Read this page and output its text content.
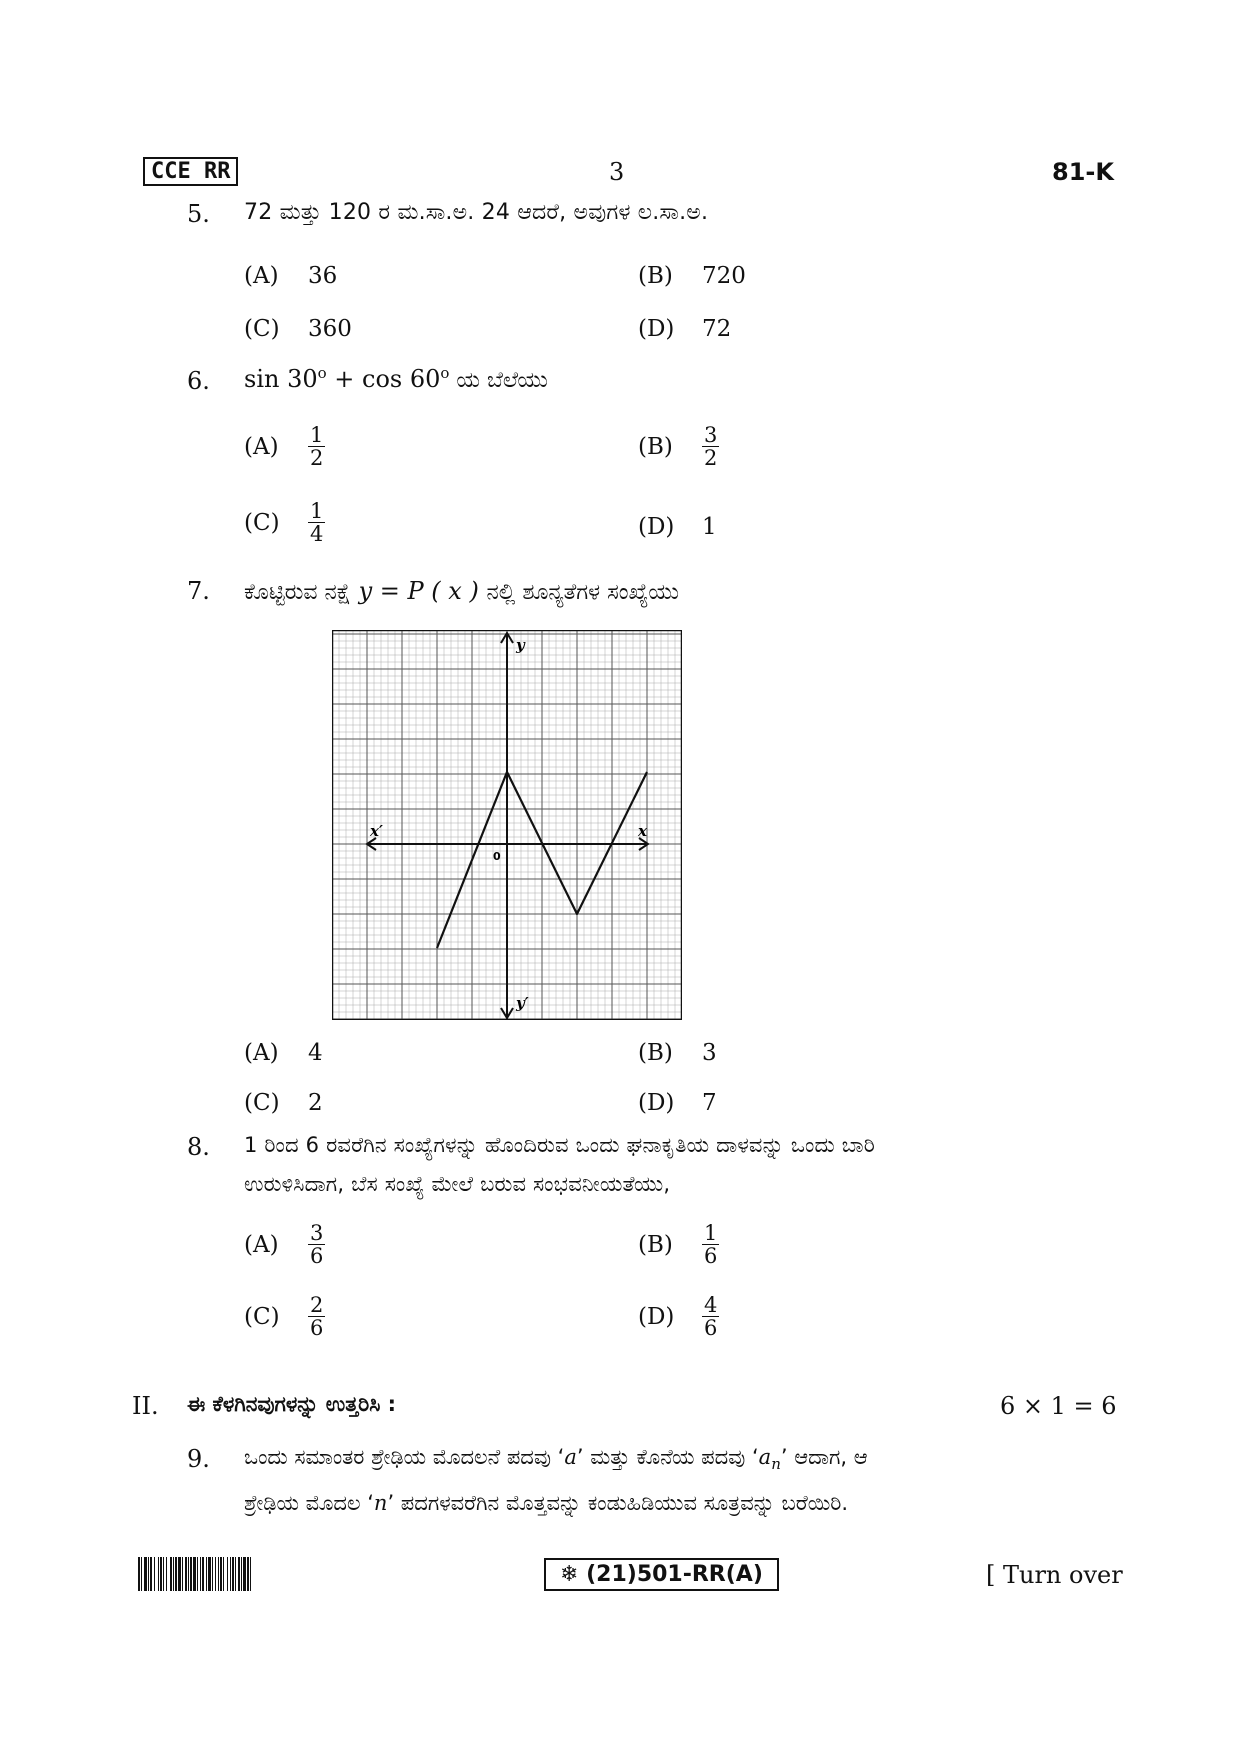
CCE RR	3	81-K
5. 72 ಮತ್ತು 120 ರ ಮ.ಸಾ.ಅ. 24 ಆದರೆ, ಅವುಗಳ ಲ.ಸಾ.ಅ.
(A)	36	(B)	720
(C)	360	(D)	72
6. $\sin 30^o + \cos 60^o$ ಯ ಬೆಲೆಯು
(A)	$\frac{1}{2}$	(B)	$\frac{3}{2}$
(C)	$\frac{1}{4}$	(D)	1
7. ಕೊಟ್ಟಿರುವ ನಕ್ಷೆ y = P ( x ) ನಲ್ಲಿ ಶೂನ್ಯತೆಗಳ ಸಂಖ್ಯೆಯು
y
x′	x
y′
0
(A)	4	(B)	3
(C)	2	(D)	7
8. 1 ರಿಂದ 6 ರವರೆಗಿನ ಸಂಖ್ಯೆಗಳನ್ನು ಹೊಂದಿರುವ ಒಂದು ಘನಾಕೃತಿಯ ದಾಳವನ್ನು ಒಂದು ಬಾರಿ
ಉರುಳಿಸಿದಾಗ, ಬೆಸ ಸಂಖ್ಯೆ ಮೇಲೆ ಬರುವ ಸಂಭವನೀಯತೆಯು,
(A)	$\frac{3}{6}$	(B)	$\frac{1}{6}$
(C)	$\frac{2}{6}$	(D)	$\frac{4}{6}$
II. ಈ ಕೆಳಗಿನವುಗಳನ್ನು ಉತ್ತರಿಸಿ :	6 × 1 = 6
9. ಒಂದು ಸಮಾಂತರ ಶ್ರೇಢಿಯ ಮೊದಲನೆ ಪದವು ‘a’ ಮತ್ತು ಕೊನೆಯ ಪದವು ‘$a_n$’ ಆದಾಗ, ಆ
ಶ್ರೇಢಿಯ ಮೊದಲ ‘n’ ಪದಗಳವರೆಗಿನ ಮೊತ್ತವನ್ನು ಕಂಡುಹಿಡಿಯುವ ಸೂತ್ರವನ್ನು ಬರೆಯಿರಿ.
❄ (21)501-RR(A)	[ Turn over
